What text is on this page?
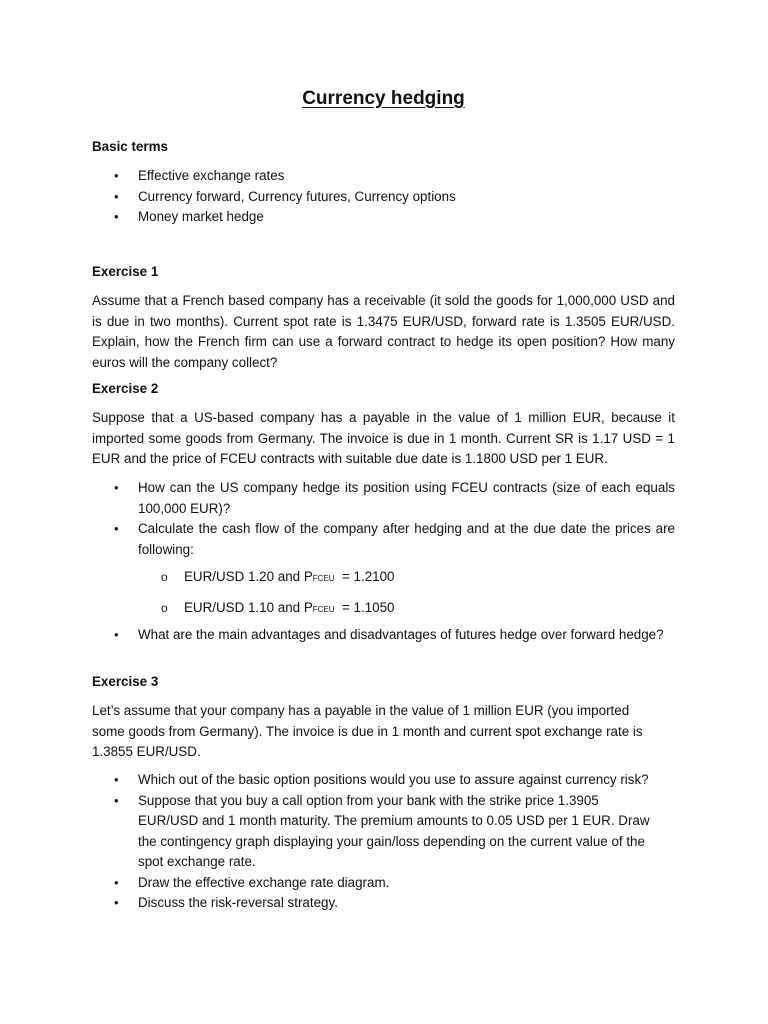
Currency hedging
Basic terms
• Effective exchange rates
• Currency forward, Currency futures, Currency options
• Money market hedge
Exercise 1
Assume that a French based company has a receivable (it sold the goods for 1,000,000 USD and is due in two months). Current spot rate is 1.3475 EUR/USD, forward rate is 1.3505 EUR/USD. Explain, how the French firm can use a forward contract to hedge its open position? How many euros will the company collect?
Exercise 2
Suppose that a US-based company has a payable in the value of 1 million EUR, because it imported some goods from Germany. The invoice is due in 1 month. Current SR is 1.17 USD = 1 EUR and the price of FCEU contracts with suitable due date is 1.1800 USD per 1 EUR.
• How can the US company hedge its position using FCEU contracts (size of each equals 100,000 EUR)?
• Calculate the cash flow of the company after hedging and at the due date the prices are following:
o EUR/USD 1.20 and PFCEU = 1.2100
o EUR/USD 1.10 and PFCEU = 1.1050
• What are the main advantages and disadvantages of futures hedge over forward hedge?
Exercise 3
Let’s assume that your company has a payable in the value of 1 million EUR (you imported some goods from Germany). The invoice is due in 1 month and current spot exchange rate is 1.3855 EUR/USD.
• Which out of the basic option positions would you use to assure against currency risk?
• Suppose that you buy a call option from your bank with the strike price 1.3905 EUR/USD and 1 month maturity. The premium amounts to 0.05 USD per 1 EUR. Draw the contingency graph displaying your gain/loss depending on the current value of the spot exchange rate.
• Draw the effective exchange rate diagram.
• Discuss the risk-reversal strategy.
